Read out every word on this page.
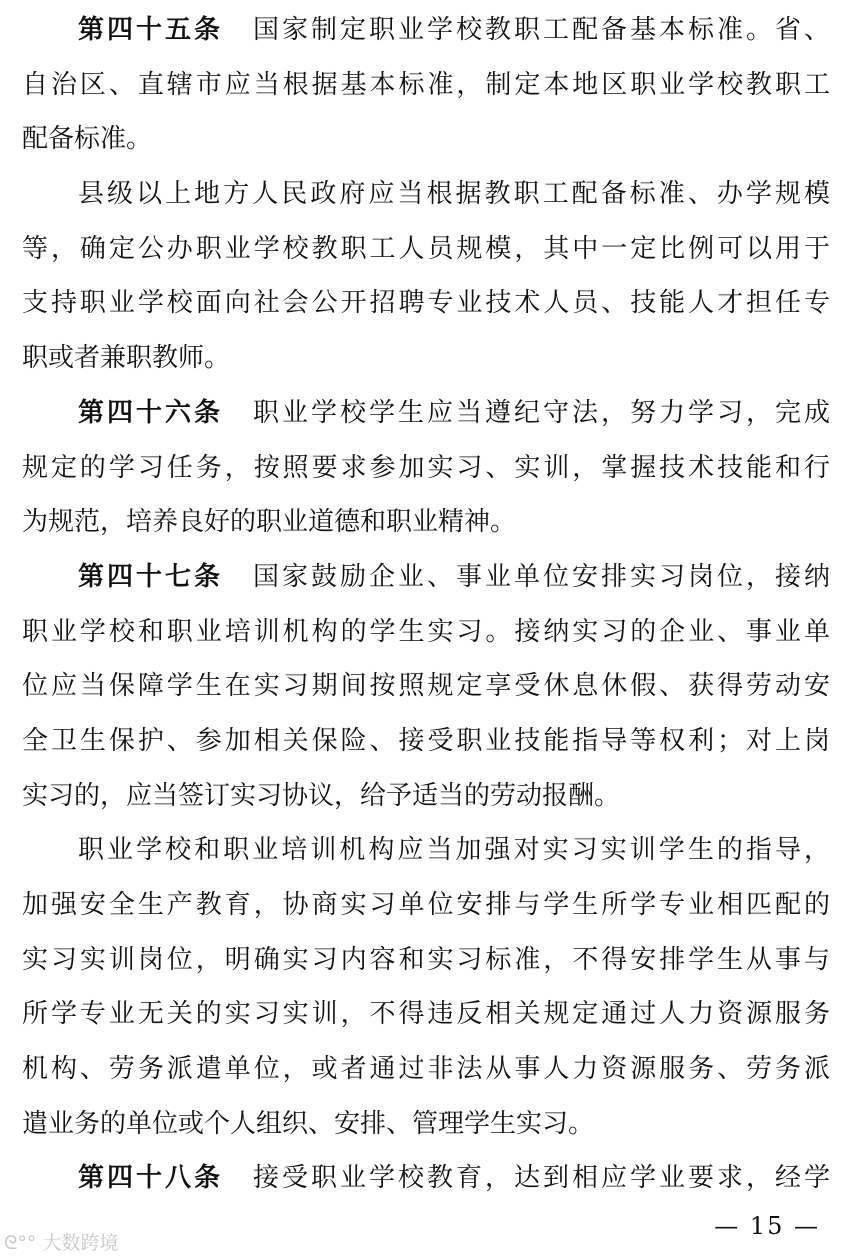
第四十五条 国家制定职业学校教职工配备基本标准。省、
自治区、直辖市应当根据基本标准，制定本地区职业学校教职工
配备标准。
县级以上地方人民政府应当根据教职工配备标准、办学规模
等，确定公办职业学校教职工人员规模，其中一定比例可以用于
支持职业学校面向社会公开招聘专业技术人员、技能人才担任专
职或者兼职教师。
第四十六条 职业学校学生应当遵纪守法，努力学习，完成
规定的学习任务，按照要求参加实习、实训，掌握技术技能和行
为规范，培养良好的职业道德和职业精神。
第四十七条 国家鼓励企业、事业单位安排实习岗位，接纳
职业学校和职业培训机构的学生实习。接纳实习的企业、事业单
位应当保障学生在实习期间按照规定享受休息休假、获得劳动安
全卫生保护、参加相关保险、接受职业技能指导等权利；对上岗
实习的，应当签订实习协议，给予适当的劳动报酬。
职业学校和职业培训机构应当加强对实习实训学生的指导，
加强安全生产教育，协商实习单位安排与学生所学专业相匹配的
实习实训岗位，明确实习内容和实习标准，不得安排学生从事与
所学专业无关的实习实训，不得违反相关规定通过人力资源服务
机构、劳务派遣单位，或者通过非法从事人力资源服务、劳务派
遣业务的单位或个人组织、安排、管理学生实习。
第四十八条 接受职业学校教育，达到相应学业要求，经学
— 15 —
ᘓ°° 大数跨境
